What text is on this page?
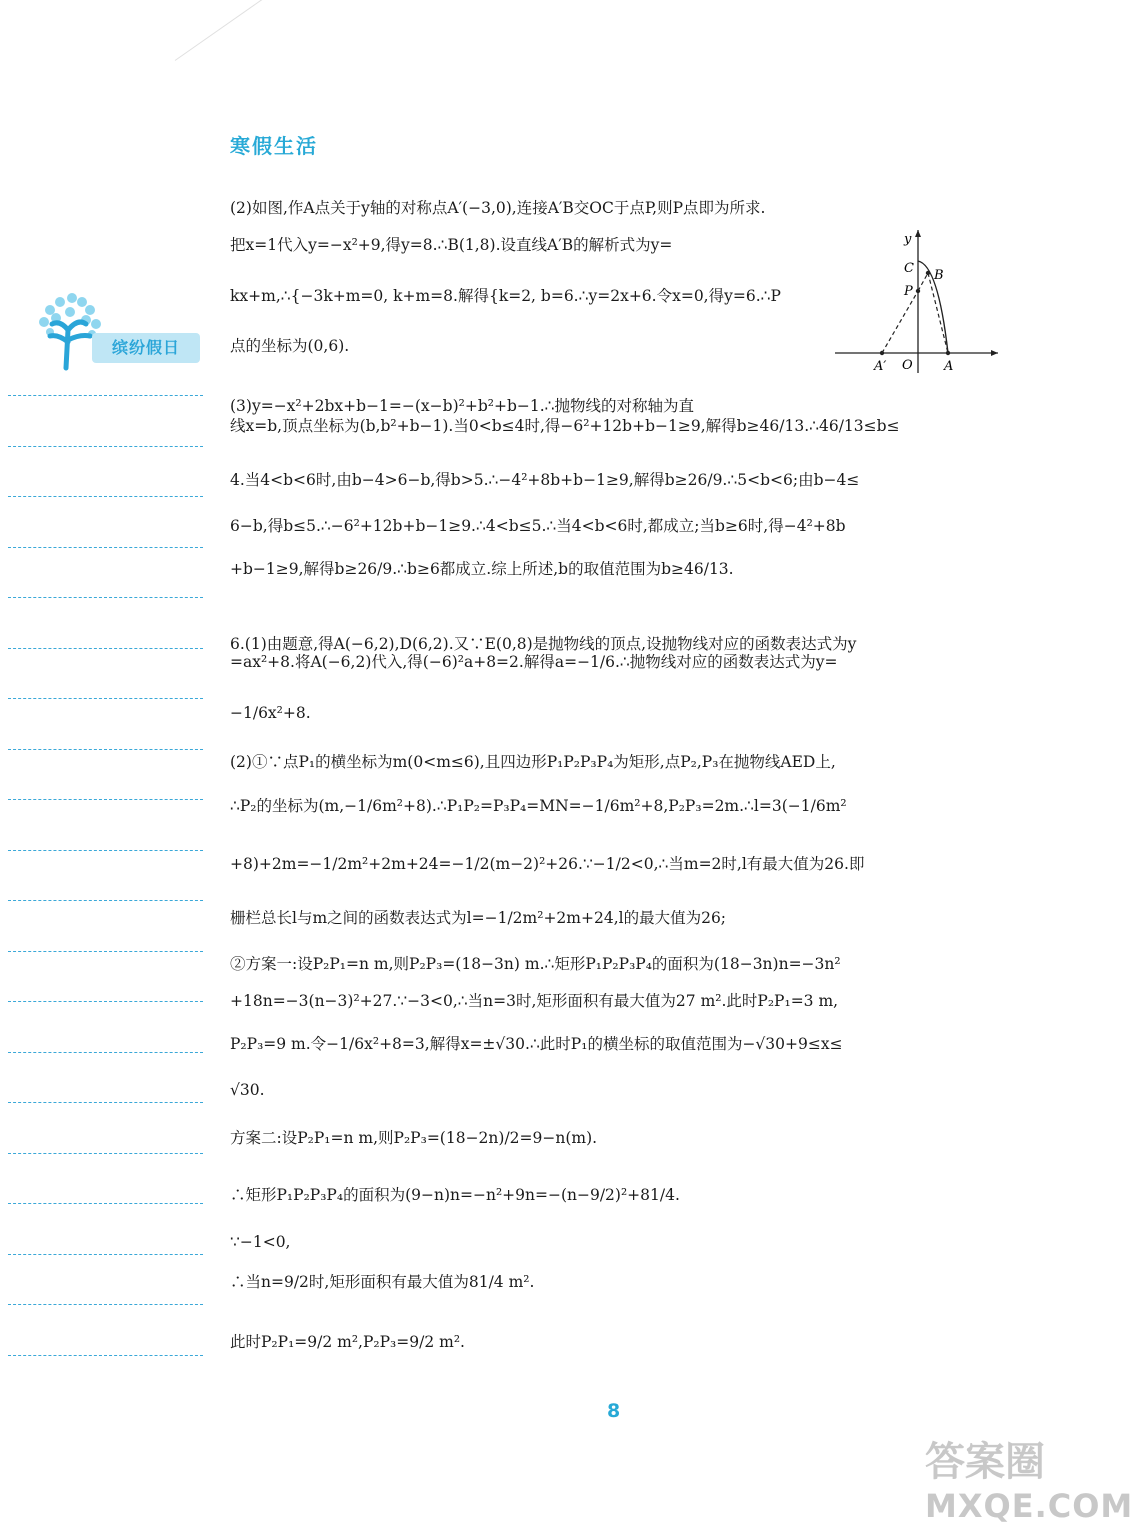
寒假生活
缤纷假日
y
C B
P
A′ O A
(2)如图,作A点关于y轴的对称点A′(−3,0),连接A′B交OC于点P,则P点即为所求.
把x=1代入y=−x²+9,得y=8.∴B(1,8).设直线A′B的解析式为y=
kx+m,∴{−3k+m=0, k+m=8.解得{k=2, b=6.∴y=2x+6.令x=0,得y=6.∴P
点的坐标为(0,6).
(3)y=−x²+2bx+b−1=−(x−b)²+b²+b−1.∴抛物线的对称轴为直
线x=b,顶点坐标为(b,b²+b−1).当0<b≤4时,得−6²+12b+b−1≥9,解得b≥46/13.∴46/13≤b≤
4.当4<b<6时,由b−4>6−b,得b>5.∴−4²+8b+b−1≥9,解得b≥26/9.∴5<b<6;由b−4≤
6−b,得b≤5.∴−6²+12b+b−1≥9.∴4<b≤5.∴当4<b<6时,都成立;当b≥6时,得−4²+8b
+b−1≥9,解得b≥26/9.∴b≥6都成立.综上所述,b的取值范围为b≥46/13.
6.(1)由题意,得A(−6,2),D(6,2).又∵E(0,8)是抛物线的顶点,设抛物线对应的函数表达式为y
=ax²+8.将A(−6,2)代入,得(−6)²a+8=2.解得a=−1/6.∴抛物线对应的函数表达式为y=
−1/6x²+8.
(2)①∵点P₁的横坐标为m(0<m≤6),且四边形P₁P₂P₃P₄为矩形,点P₂,P₃在抛物线AED上,
∴P₂的坐标为(m,−1/6m²+8).∴P₁P₂=P₃P₄=MN=−1/6m²+8,P₂P₃=2m.∴l=3(−1/6m²
+8)+2m=−1/2m²+2m+24=−1/2(m−2)²+26.∵−1/2<0,∴当m=2时,l有最大值为26.即
栅栏总长l与m之间的函数表达式为l=−1/2m²+2m+24,l的最大值为26;
②方案一:设P₂P₁=n m,则P₂P₃=(18−3n) m.∴矩形P₁P₂P₃P₄的面积为(18−3n)n=−3n²
+18n=−3(n−3)²+27.∵−3<0,∴当n=3时,矩形面积有最大值为27 m².此时P₂P₁=3 m,
P₂P₃=9 m.令−1/6x²+8=3,解得x=±√30.∴此时P₁的横坐标的取值范围为−√30+9≤x≤
√30.
方案二:设P₂P₁=n m,则P₂P₃=(18−2n)/2=9−n(m).
∴矩形P₁P₂P₃P₄的面积为(9−n)n=−n²+9n=−(n−9/2)²+81/4.
∵−1<0,
∴当n=9/2时,矩形面积有最大值为81/4 m².
此时P₂P₁=9/2 m²,P₂P₃=9/2 m².
8
答案圈
MXQE.COM
